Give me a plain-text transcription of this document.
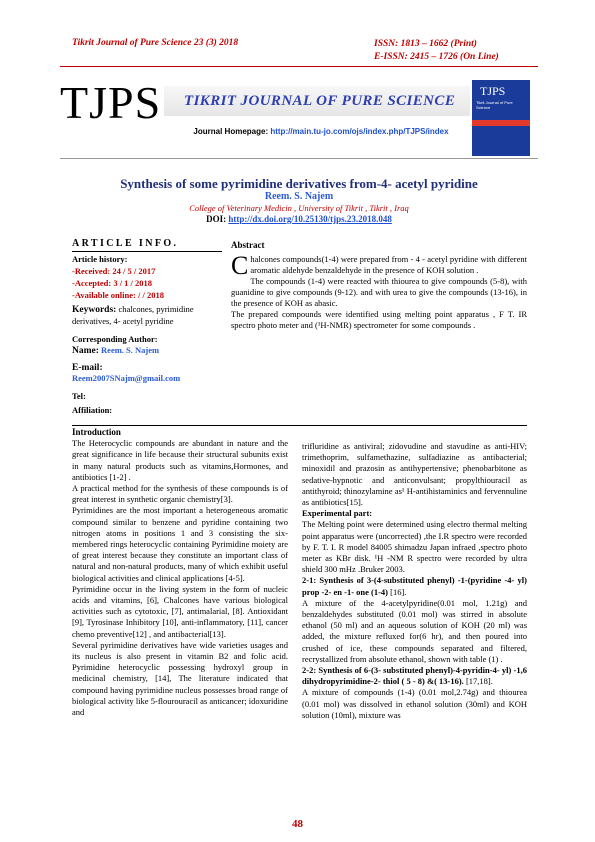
Tikrit Journal of Pure Science 23 (3) 2018	ISSN: 1813 – 1662 (Print)
E-ISSN: 2415 – 1726 (On Line)
TJPS TIKRIT JOURNAL OF PURE SCIENCE
Journal Homepage: http://main.tu-jo.com/ojs/index.php/TJPS/index
TJPS
Tikrit Journal of Pure Science
Synthesis of some pyrimidine derivatives from-4- acetyl pyridine
Reem. S. Najem
College of Veterinary Medicin , University of Tikrit , Tikrit , Iraq
DOI: http://dx.doi.org/10.25130/tjps.23.2018.048
ARTICLE INFO.
Article history:
-Received: 24 / 5 / 2017
-Accepted: 3 / 1 / 2018
-Available online: / / 2018
Keywords: chalcones, pyrimidine derivatives, 4- acetyl pyridine
Corresponding Author:
Name: Reem. S. Najem
E-mail:
Reem2007SNajm@gmail.com
Tel:
Affiliation:
Abstract
C halcones compounds(1-4) were prepared from - 4 - acetyl pyridine with different aromatic aldehyde benzaldehyde in the presence of KOH solution .
The compounds (1-4) were reacted with thiourea to give compounds (5-8), with guanidine to give compounds (9-12). and with urea to give the compounds (13-16), in the presence of KOH as abasic.
The prepared compounds were identified using melting point apparatus , F T. IR spectro photo meter and (¹H-NMR) spectrometer for some compounds .

Introduction

The Heterocyclic compounds are abundant in nature and the great significance in life because their structural subunits exist in many natural products such as vitamins,Hormones, and antibiotics [1-2] .

A practical method for the synthesis of these compounds is of great interest in synthetic organic chemistry[3].

Pyrimidines are the most important a heterogeneous aromatic compound similar to benzene and pyridine containing two nitrogen atoms in positions 1 and 3 consisting the six-membered rings heterocyclic containing Pyrimidine moiety are of great interest because they constitute an important class of natural and non-natural products, many of which exhibit useful biological activities and clinical applications [4-5].

Pyrimidine occur in the living system in the form of nucleic acids and vitamins, [6], Chalcones have various biological activities such as cytotoxic, [7], antimalarial, [8]. Antioxidant [9], Tyrosinase Inhibitory [10], anti-inflammatory, [11], cancer chemo preventive[12] , and antibacterial[13].

Several pyrimidine derivatives have wide varieties usages and its nucleus is also present in vitamin B2 and folic acid. Pyrimidine heterocyclic possessing hydroxyl group in medicinal chemistry, [14], The literature indicated that compound having pyrimidine nucleus possesses broad range of biological activity like 5-flourouracil as anticancer; idoxuridine and

trifluridine as antiviral; zidovudine and stavudine as anti-HIV; trimethoprim, sulfamethazine, sulfadiazine as antibacterial; minoxidil and prazosin as antihypertensive; phenobarbitone as sedative-hypnotic and anticonvulsant; propylthiouracil as antithyroid; thinozylamine as¹ H-antihistaminics and fervennuline as antibiotics[15].

Experimental part:

The Melting point were determined using electro thermal melting point apparatus were (uncorrected) ,the I.R spectro were recorded by F. T. I. R model 84005 shimadzu Japan infraed ,spectro photo meter as KBr disk. ¹H -NM R spectro were recorded by ultra shield 300 mHz .Bruker 2003.

2-1: Synthesis of 3-(4-substituted phenyl) -1-(pyridine -4- yl) prop -2- en -1- one (1-4) [16].

A mixture of the 4-acetylpyridine(0.01 mol, 1.21g) and benzaldehydes substituted (0.01 mol) was stirred in absolute ethanol (50 ml) and an aqueous solution of KOH (20 ml) was added, the mixture refluxed for(6 hr), and then poured into crushed of ice, these compounds separated and filtered, recrystallized from absolute ethanol, shown with table (1) .

2-2: Synthesis of 6-(3- substituted phenyl)-4-pyridin-4- yl) -1,6 dihydropyrimidine-2- thiol ( 5 - 8) &( 13-16). [17,18].

A mixture of compounds (1-4) (0.01 mol,2.74g) and thiourea (0.01 mol) was dissolved in ethanol solution (30ml) and KOH solution (10ml), mixture was

48
